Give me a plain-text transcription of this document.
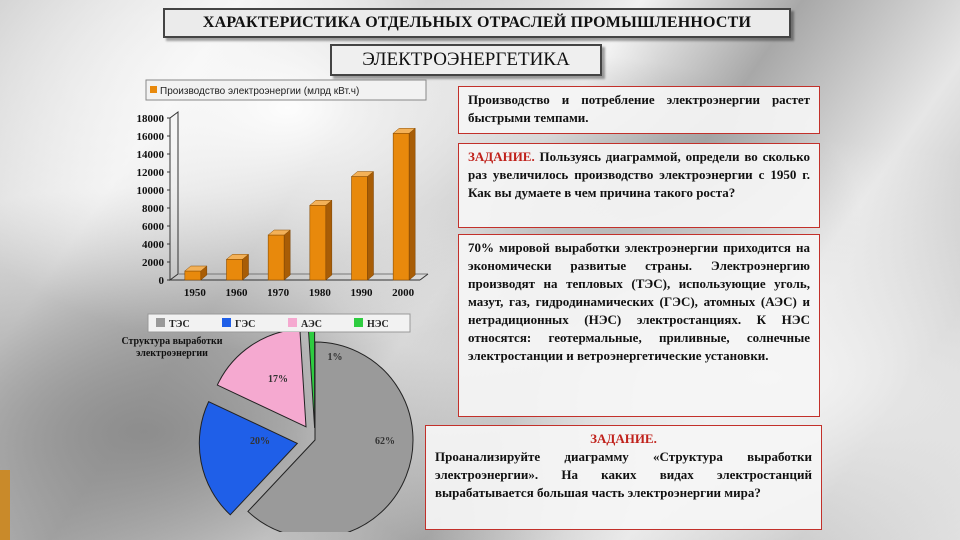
ХАРАКТЕРИСТИКА ОТДЕЛЬНЫХ ОТРАСЛЕЙ ПРОМЫШЛЕННОСТИ
ЭЛЕКТРОЭНЕРГЕТИКА
Производство электроэнергии (млрд кВт.ч)
0
2000
4000
6000
8000
10000
12000
14000
16000
18000
1950 1960 1970 1980 1990 2000
ТЭС	ГЭС	АЭС	НЭС
Структура выработки
электроэнергии
62%
20%
17%
1%
Производство и потребление электроэнергии растет быстрыми темпами.
ЗАДАНИЕ. Пользуясь диаграммой, определи во сколько раз увеличилось производство электроэнергии с 1950 г. Как вы думаете в чем причина такого роста?
70% мировой выработки электроэнергии приходится на экономически развитые страны. Электроэнергию производят на тепловых (ТЭС), использующие уголь, мазут, газ, гидродинамических (ГЭС), атомных (АЭС) и нетрадиционных (НЭС) электростанциях. К НЭС относятся: геотермальные, приливные, солнечные электростанции и ветроэнергетические установки.
ЗАДАНИЕ.
Проанализируйте диаграмму «Структура выработки электроэнергии». На каких видах электростанций вырабатывается большая часть электроэнергии мира?
